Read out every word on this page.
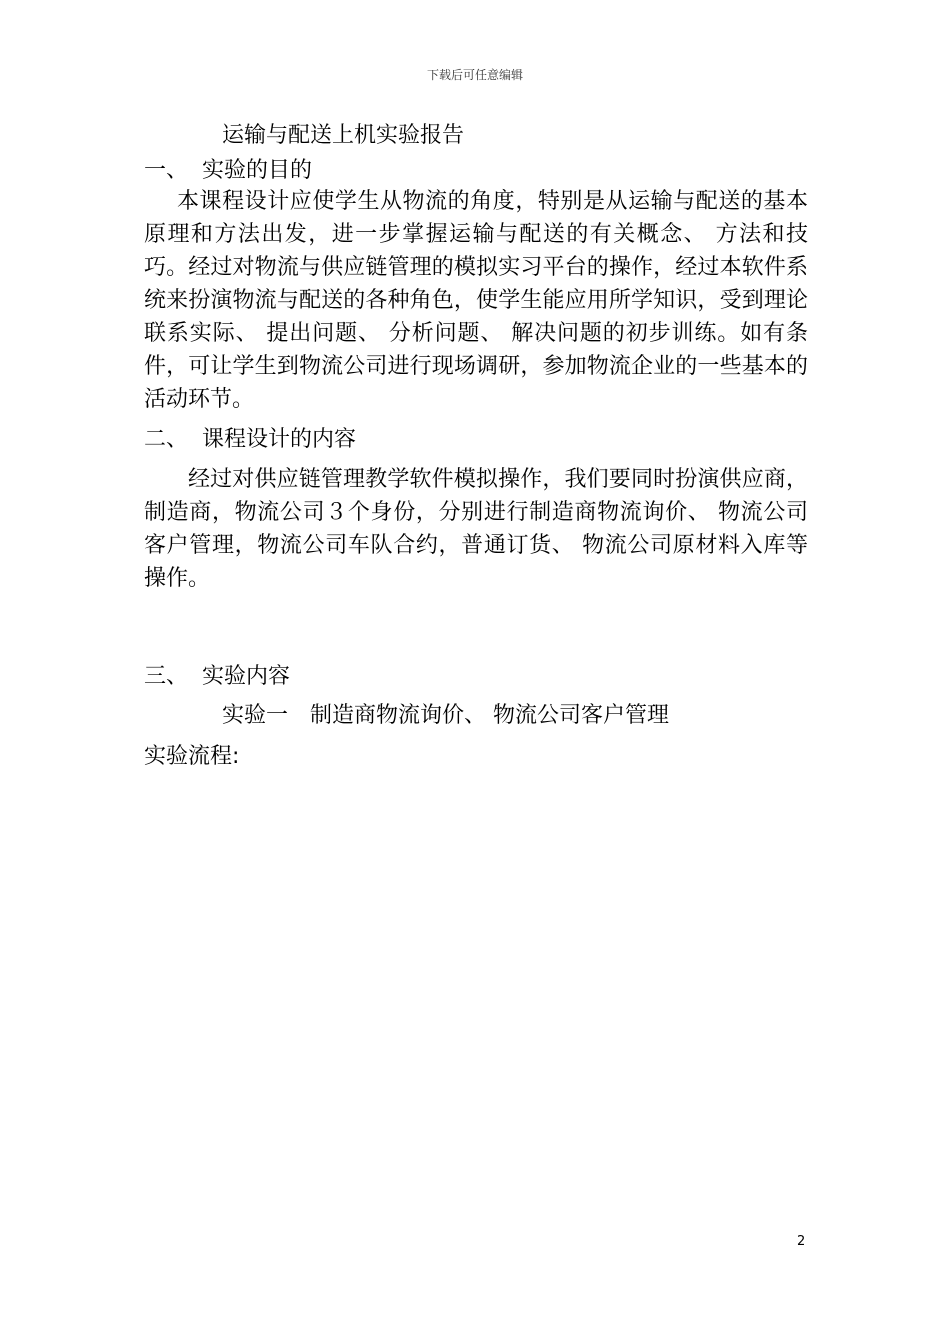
下载后可任意编辑
运输与配送上机实验报告
一、 实验的目的

本课程设计应使学生从物流的角度，特别是从运输与配送的基本原理和方法出发，进一步掌握运输与配送的有关概念、 方法和技巧。经过对物流与供应链管理的模拟实习平台的操作，经过本软件系统来扮演物流与配送的各种角色，使学生能应用所学知识，受到理论联系实际、 提出问题、 分析问题、 解决问题的初步训练。如有条件，可让学生到物流公司进行现场调研，参加物流企业的一些基本的活动环节。

二、 课程设计的内容

经过对供应链管理教学软件模拟操作，我们要同时扮演供应商，制造商，物流公司３个身份，分别进行制造商物流询价、 物流公司客户管理，物流公司车队合约，普通订货、 物流公司原材料入库等操作。

三、 实验内容
实验一　制造商物流询价、 物流公司客户管理
实验流程:
2
